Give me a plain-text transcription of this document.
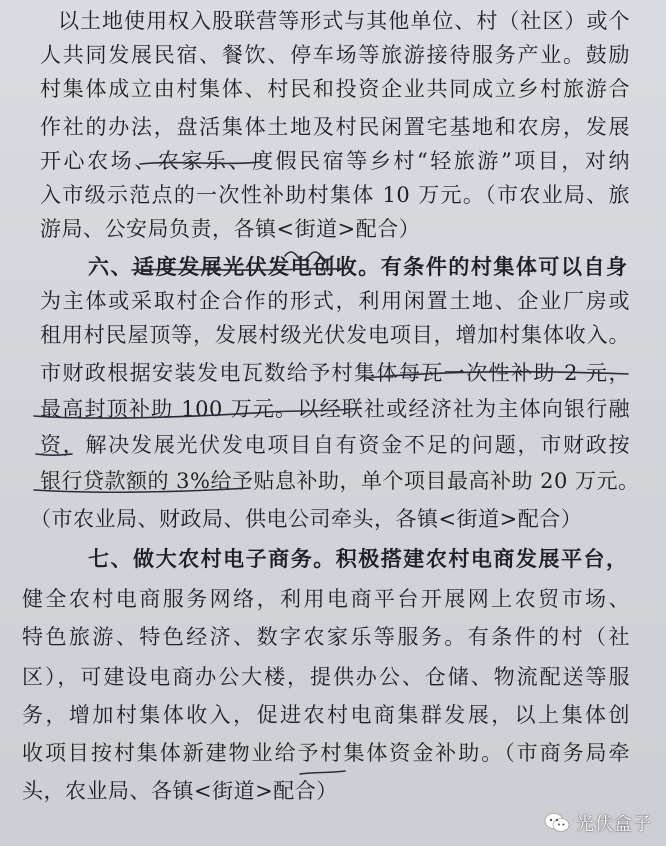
以土地使用权入股联营等形式与其他单位、村（社区）或个
人共同发展民宿、餐饮、停车场等旅游接待服务产业。鼓励
村集体成立由村集体、村民和投资企业共同成立乡村旅游合
作社的办法，盘活集体土地及村民闲置宅基地和农房，发展
开心农场、农家乐、度假民宿等乡村“轻旅游”项目，对纳
入市级示范点的一次性补助村集体 10 万元。（市农业局、旅
游局、公安局负责，各镇<街道>配合）
六、适度发展光伏发电创收。有条件的村集体可以自身
为主体或采取村企合作的形式，利用闲置土地、企业厂房或
租用村民屋顶等，发展村级光伏发电项目，增加村集体收入。
市财政根据安装发电瓦数给予村集体每瓦一次性补助 2 元，
最高封顶补助 100 万元。以经联社或经济社为主体向银行融
资，解决发展光伏发电项目自有资金不足的问题，市财政按
银行贷款额的 3%给予贴息补助，单个项目最高补助 20 万元。
（市农业局、财政局、供电公司牵头，各镇<街道>配合）
七、做大农村电子商务。积极搭建农村电商发展平台，
健全农村电商服务网络，利用电商平台开展网上农贸市场、
特色旅游、特色经济、数字农家乐等服务。有条件的村（社
区），可建设电商办公大楼，提供办公、仓储、物流配送等服
务，增加村集体收入，促进农村电商集群发展，以上集体创
收项目按村集体新建物业给予村集体资金补助。（市商务局牵
头，农业局、各镇<街道>配合）
光伏盒子
